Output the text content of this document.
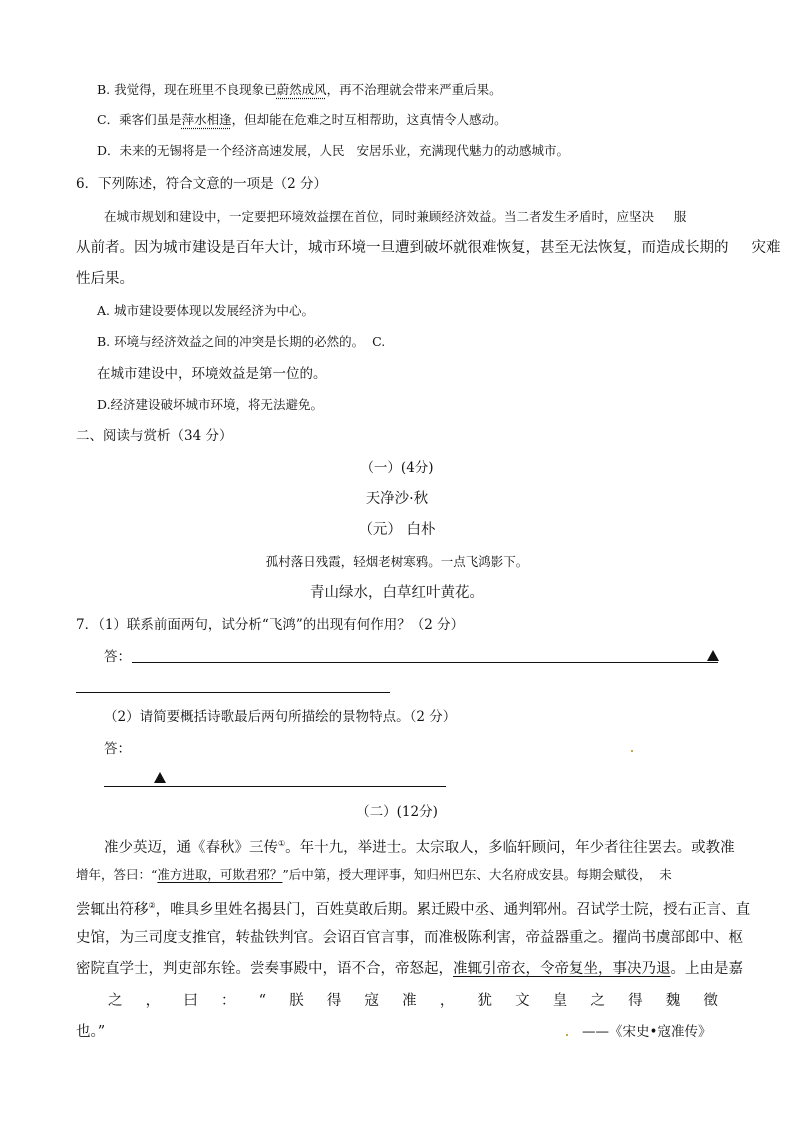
B. 我觉得，现在班里不良现象已蔚然成风，再不治理就会带来严重后果。
C．乘客们虽是萍水相逢，但却能在危难之时互相帮助，这真情令人感动。
D．未来的无锡将是一个经济高速发展，人民   安居乐业，充满现代魅力的动感城市。
6．下列陈述，符合文意的一项是（2 分）
在城市规划和建设中，一定要把环境效益摆在首位，同时兼顾经济效益。当二者发生矛盾时，应坚决     服
从前者。因为城市建设是百年大计，城市环境一旦遭到破坏就很难恢复，甚至无法恢复，而造成长期的     灾难
性后果。
A. 城市建设要体现以发展经济为中心。
B. 环境与经济效益之间的冲突是长期的必然的。  C.
在城市建设中，环境效益是第一位的。
D.经济建设破坏城市环境，将无法避免。
二、阅读与赏析（34 分）
（一）(4分)
天净沙·秋
（元） 白朴
孤村落日残霞，轻烟老树寒鸦。一点飞鸿影下。
青山绿水，白草红叶黄花。
7．（1）联系前面两句，试分析“飞鸿”的出现有何作用？（2 分）
答：
（2）请简要概括诗歌最后两句所描绘的景物特点。（2 分）
答：
（二）(12分)
准少英迈，通《春秋》三传①。年十九，举进士。太宗取人，多临轩顾问，年少者往往罢去。或教准
增年，答曰：“准方进取，可欺君邪？”后中第，授大理评事，知归州巴东、大名府成安县。每期会赋役，  未
尝辄出符移②，唯具乡里姓名揭县门，百姓莫敢后期。累迁殿中丞、通判郓州。召试学士院，授右正言、直
史馆，为三司度支推官，转盐铁判官。会诏百官言事，而准极陈利害，帝益器重之。擢尚书虞部郎中、枢
密院直学士，判吏部东铨。尝奏事殿中，语不合，帝怒起，准辄引帝衣，令帝复坐，事决乃退。上由是嘉
之 ， 曰 ： “ 朕 得 寇 准 ， 犹 文 皇 之 得 魏 徵
也。”	——《宋史•寇准传》
